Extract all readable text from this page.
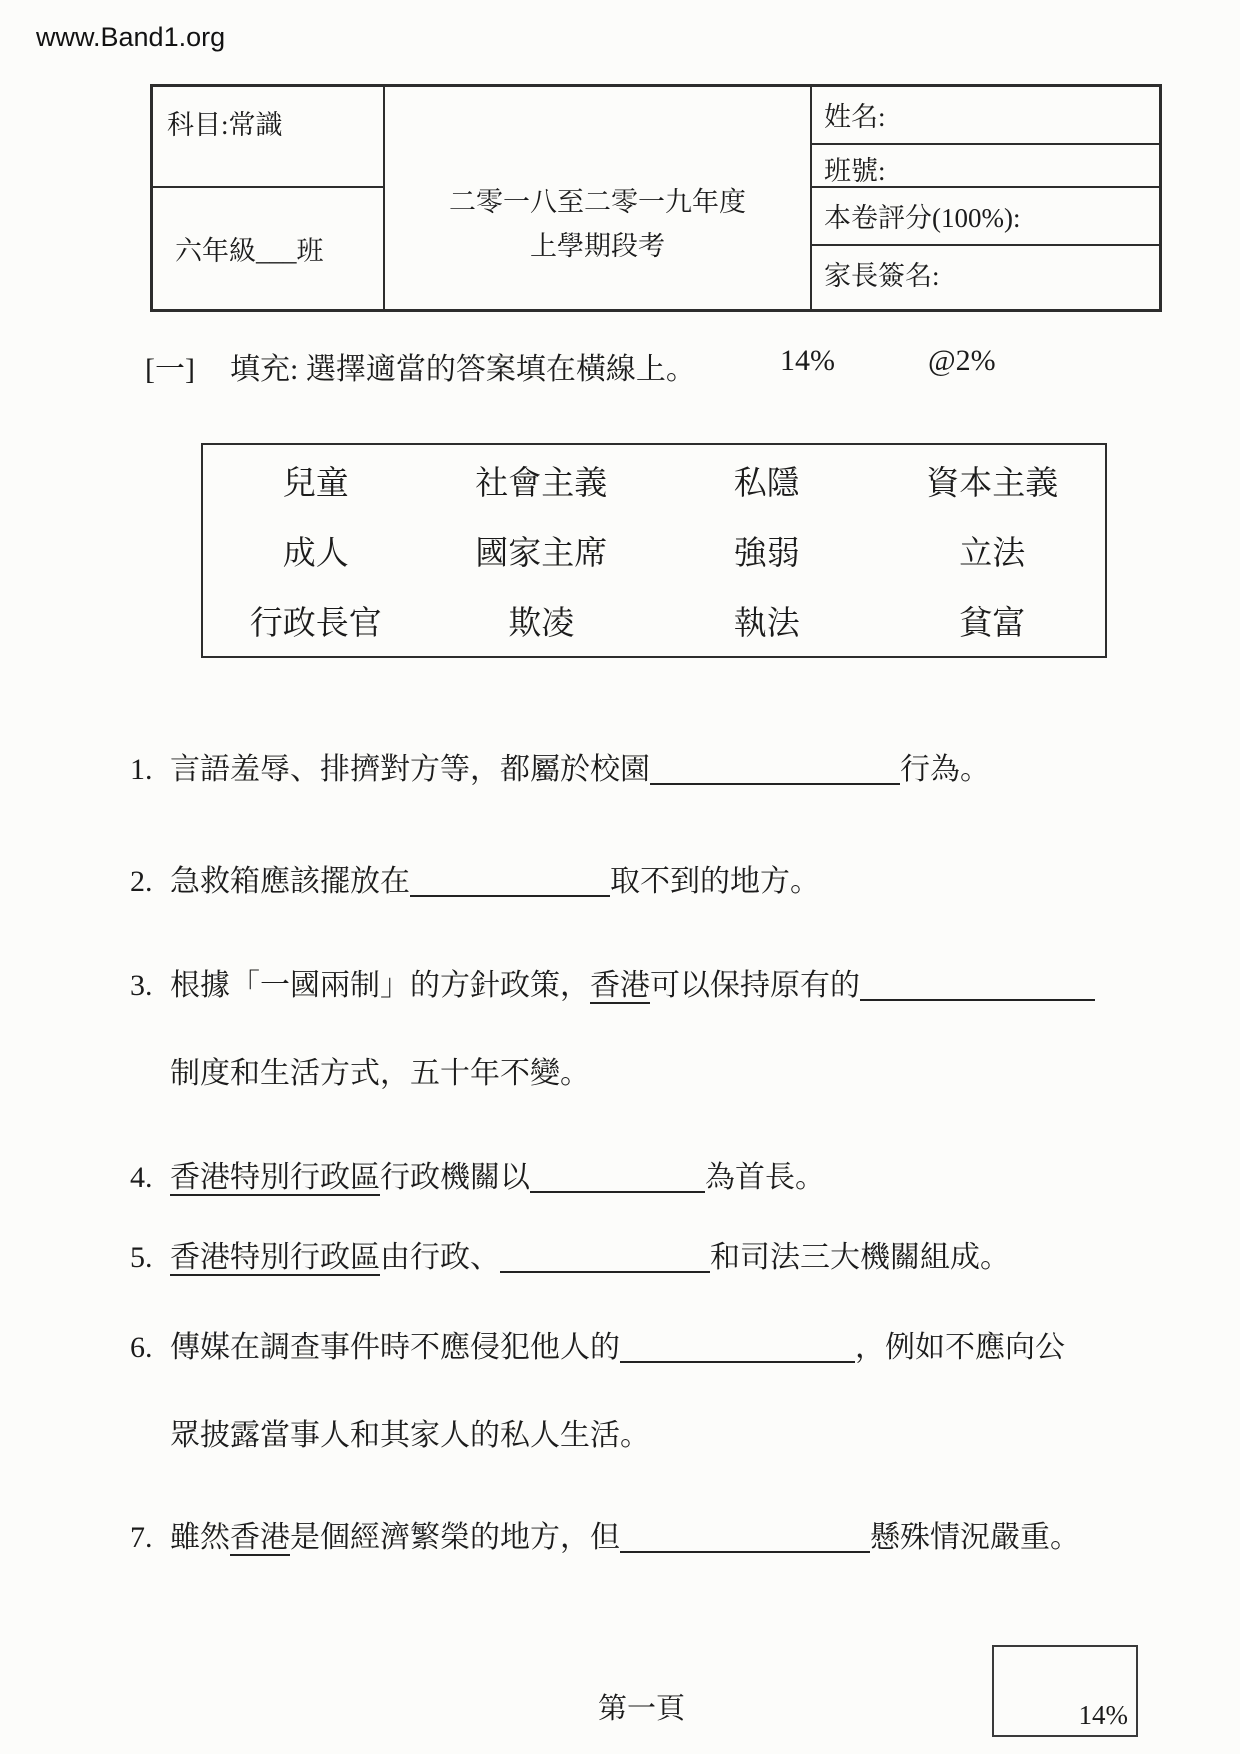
www.Band1.org
科目:常識
六年級___班
二零一八至二零一九年度
上學期段考
姓名:
班號:
本卷評分(100%):
家長簽名:
[一] 填充: 選擇適當的答案填在橫線上。	14%	@2%
兒童	社會主義	私隱	資本主義
成人	國家主席	強弱	立法
行政長官	欺凌	執法	貧富
1. 言語羞辱、排擠對方等，都屬於校園	行為。
2. 急救箱應該擺放在	取不到的地方。
3. 根據「一國兩制」的方針政策，香港可以保持原有的
制度和生活方式，五十年不變。
4. 香港特別行政區行政機關以	為首長。
5. 香港特別行政區由行政、	和司法三大機關組成。
6. 傳媒在調查事件時不應侵犯他人的	，例如不應向公
眾披露當事人和其家人的私人生活。
7. 雖然香港是個經濟繁榮的地方，但	懸殊情況嚴重。
第一頁	14%
